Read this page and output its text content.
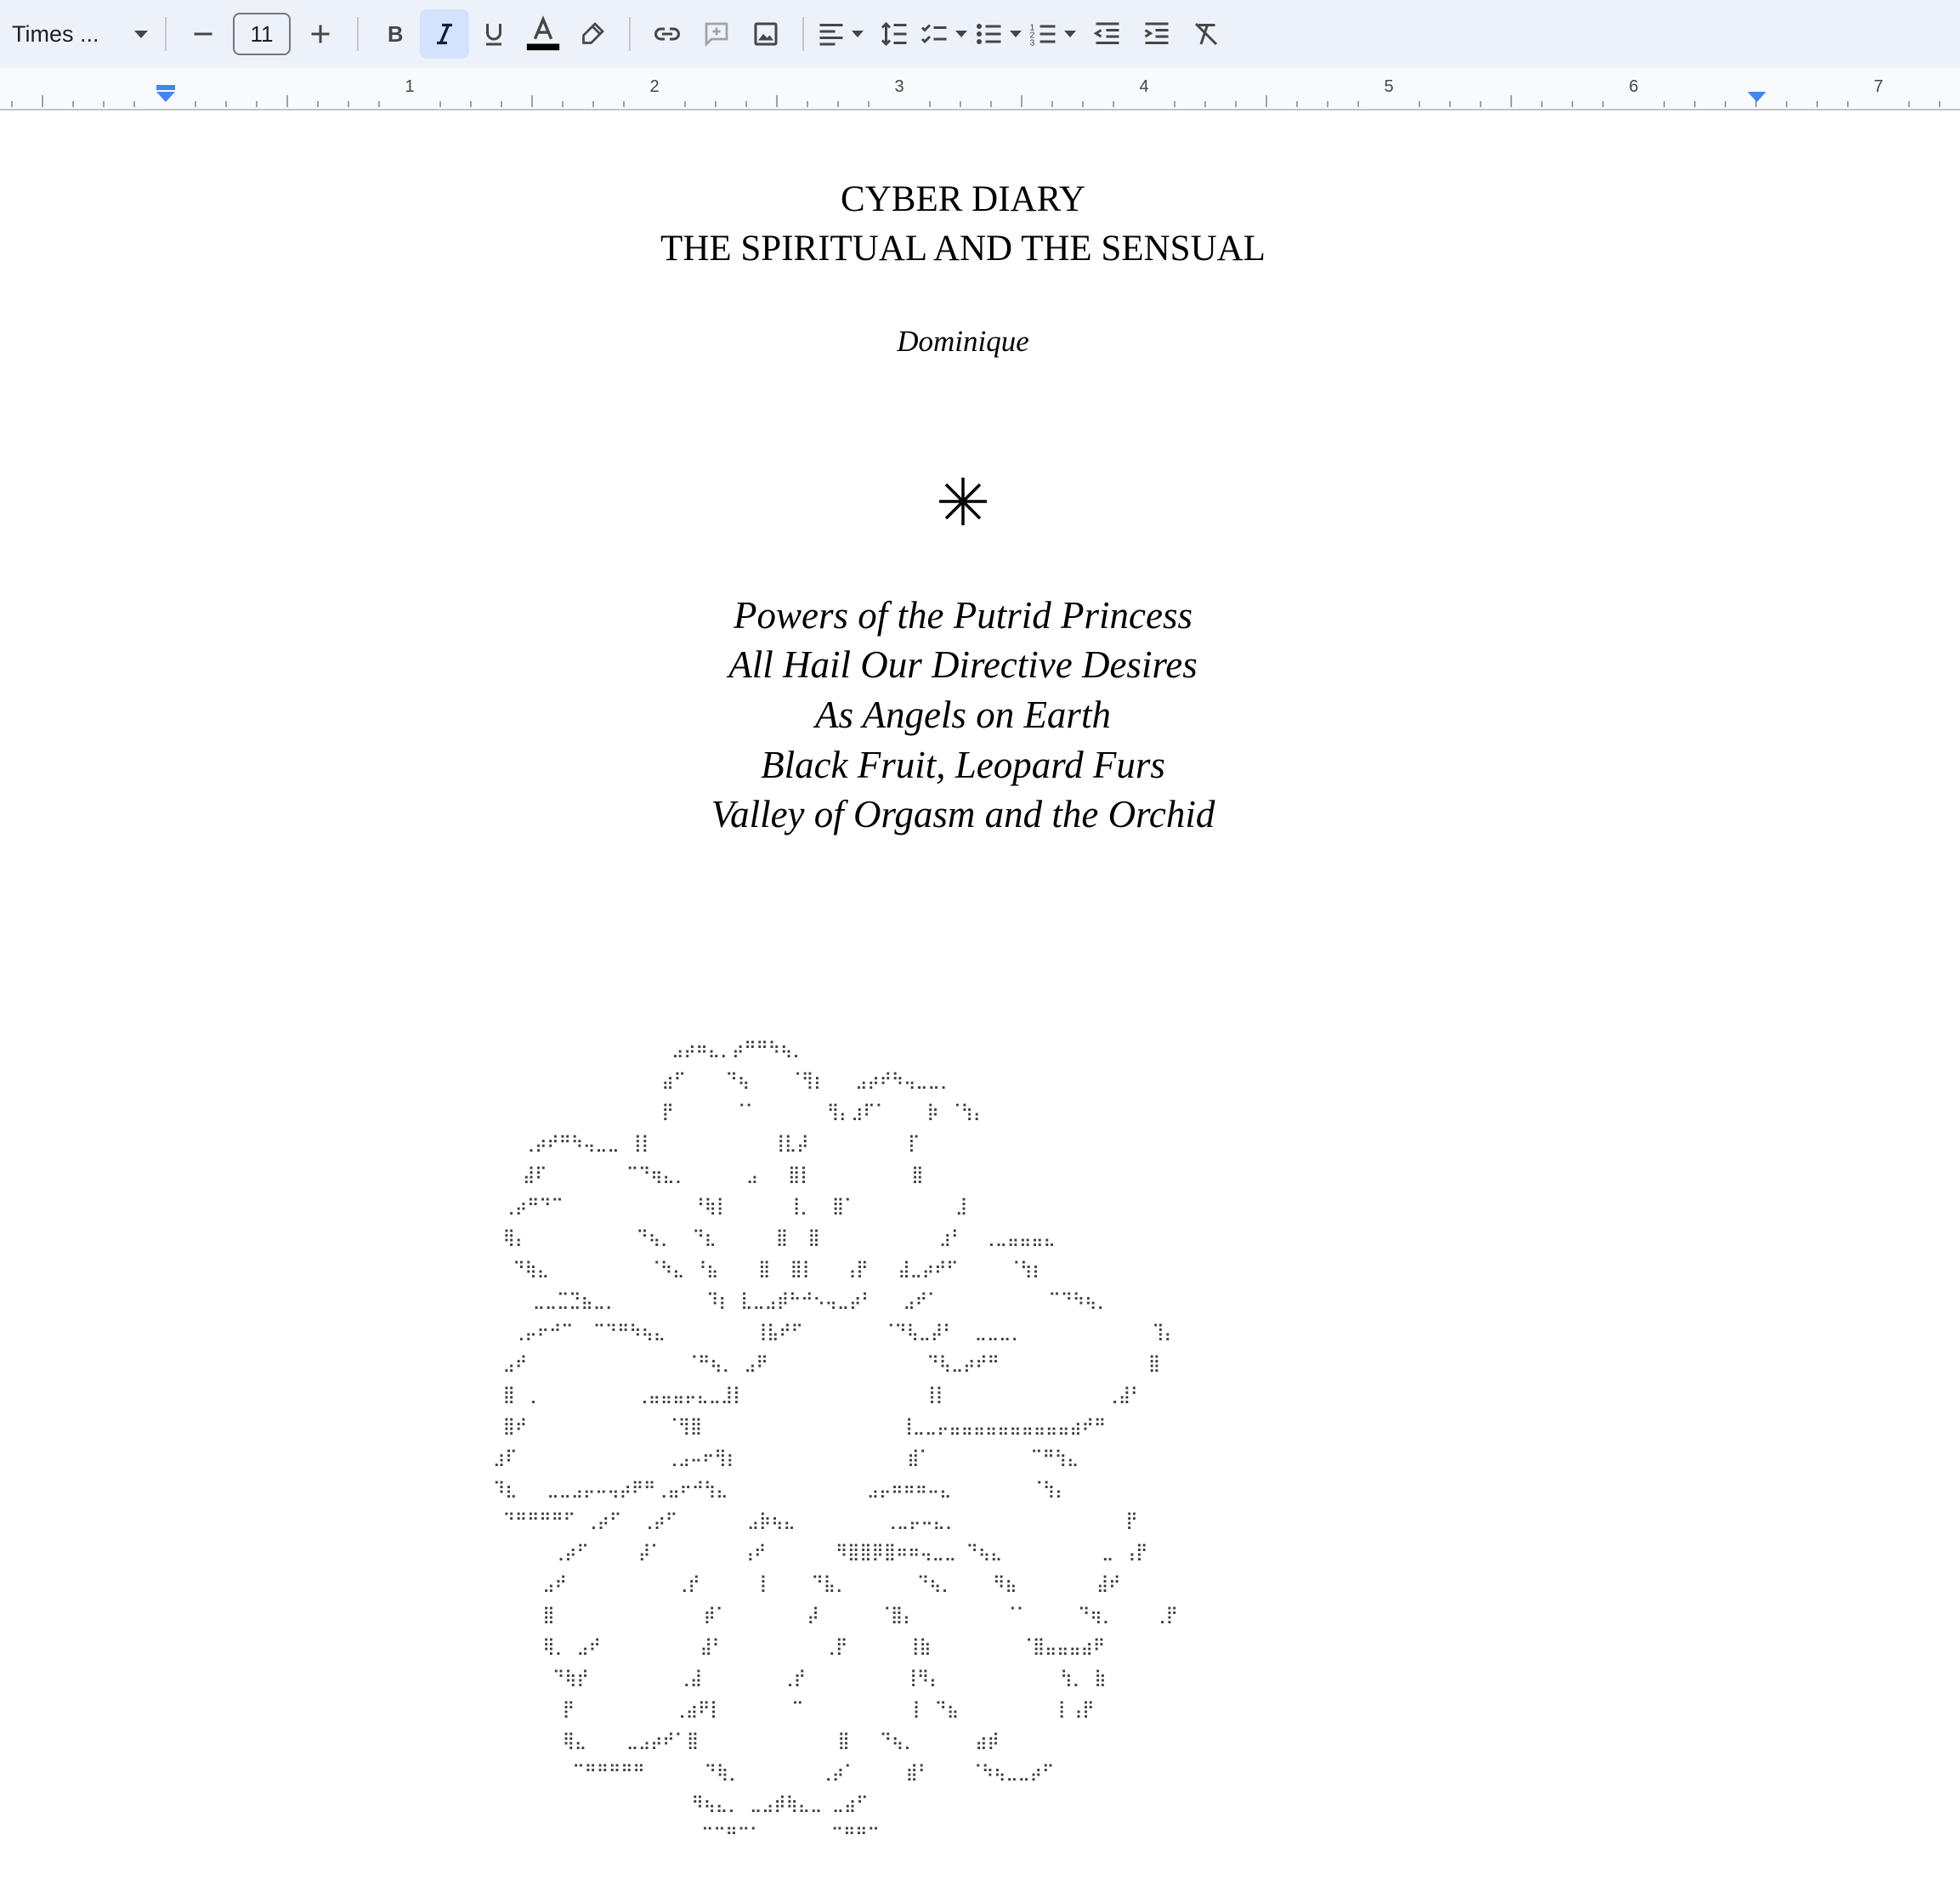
Times ...	11	B	1
2
3
1	2	3	4	5	6	7
CYBER DIARY
THE SPIRITUAL AND THE SENSUAL
Dominique
Powers of the Putrid Princess
All Hail Our Directive Desires
As Angels on Earth
Black Fruit, Leopard Furs
Valley of Orgasm and the Orchid
⣠⡴⠶⣄⡀⡴⠛⠛⠳⢦⡀
⣴⠋    ⠙⢦    ⠈⢻⡆   ⣠⡴⠞⠳⢤⣀⣀⡀
⡟      ⠈⠁       ⢻⡄⣰⠏⠁    ⡷ ⠈⢳⡄
⢀⡴⠞⠛⠳⢤⣀⣀ ⢸⡇            ⢸⣇⡼          ⡏
⣼⠏        ⠉⠙⢶⣄⡀      ⣠   ⣿⡇          ⣿
⢀⡴⠛⠙⠉             ⠘⢷⡇      ⢸⡀  ⣿⠁          ⣸
⢿⡄           ⠙⢦⡀  ⠙⣆      ⣿  ⣿            ⣰⠃  ⢀⣀⣤⣤⣤⣄
⠙⢷⣄          ⠈⠳⣄ ⠘⣦    ⣿  ⣿⡇   ⢠⡟   ⣼⣀⡴⠞⠋     ⠈⢳⡆
⣀⣀⣉⣙⣦⣀⡀         ⠹⡆ ⣇⣀⣠⡾⠓⠚⠢⢤⣀⡴⠃   ⣠⠞⠁           ⠉⠙⠳⢦⡀
⢀⡤⠖⠚⠉  ⠉⠙⠛⠳⢦⣄         ⢸⣧⠞⠋        ⠈⠙⢧⣀⡼⠃  ⣀⣀⣀⡀             ⢹⡄
⣠⠞                ⠈⠛⢦⡀ ⣠⠟                ⠙⢧⣀⡴⠞⠛               ⣿
⣿ ⢀          ⢀⣤⣤⣤⡤⣄⣀⣸⡇                  ⢸⡇                ⢀⣼⠃
⣿⠞              ⠈⢻⣿                    ⢸⣀⣀⡤⣤⣤⣤⣤⣤⣤⣤⣤⣤⣤⣴⠞⠛
⣰⠏               ⢀⣠⠤⠖⢻⡆                 ⣾⠁          ⠉⠛⢳⣄
⠹⣆   ⣀⣀⣠⡤⠤⢤⡴⠟⠛⢀⣤⠖⠚⢳⣄              ⣠⡤⠶⠶⠶⠤⣄        ⠈⢳⡄
⠙⠛⠛⠛⠛⠋ ⢀⡴⠋  ⢀⡴⠋       ⣠⡷⢦⣄         ⢀⣀⡤⠤⣄⡀                 ⡟
⢀⡴⠋     ⡼⠁        ⢠⠞       ⠻⣿⣿⡿⣿⠶⠶⢤⣀⣀ ⠙⢦⣄          ⣀ ⢠⡟
⣠⠞           ⢀⡞      ⡇    ⠙⣧⡀       ⠙⢦⡀    ⠻⣦        ⣼⠞
⣿               ⡾⠁        ⡼      ⠈⣿⡄         ⠈⠁     ⠙⢶⡀    ⢀⡟
⢿⡀ ⣠⠞          ⣼⠃          ⢀⡟      ⢸⣷         ⠈⣿⣤⣤⣤⣴⠟
⠙⢷⡞         ⢀⣼        ⢀⡞          ⢸⠻⡄            ⢳⡀ ⣷
⡟          ⢀⣴⠟⡇       ⠉           ⡇ ⠙⣦          ⡇⢠⡟
⢿⣄    ⣀⣠⡴⠞⠁⣿              ⣿   ⠙⢦⡀      ⣴⡾
⠉⠛⠛⠛⠛⠛      ⠙⢷⡀        ⢀⡴⠁     ⣾⠃    ⠈⠳⢦⣀⣀⡴⠋
⠻⢦⣄⡀ ⣀⣠⡾⢷⣄⣀ ⣀⣴⠋
⠉⠉⠛⠉⠁       ⠉⠛⠛⠉
